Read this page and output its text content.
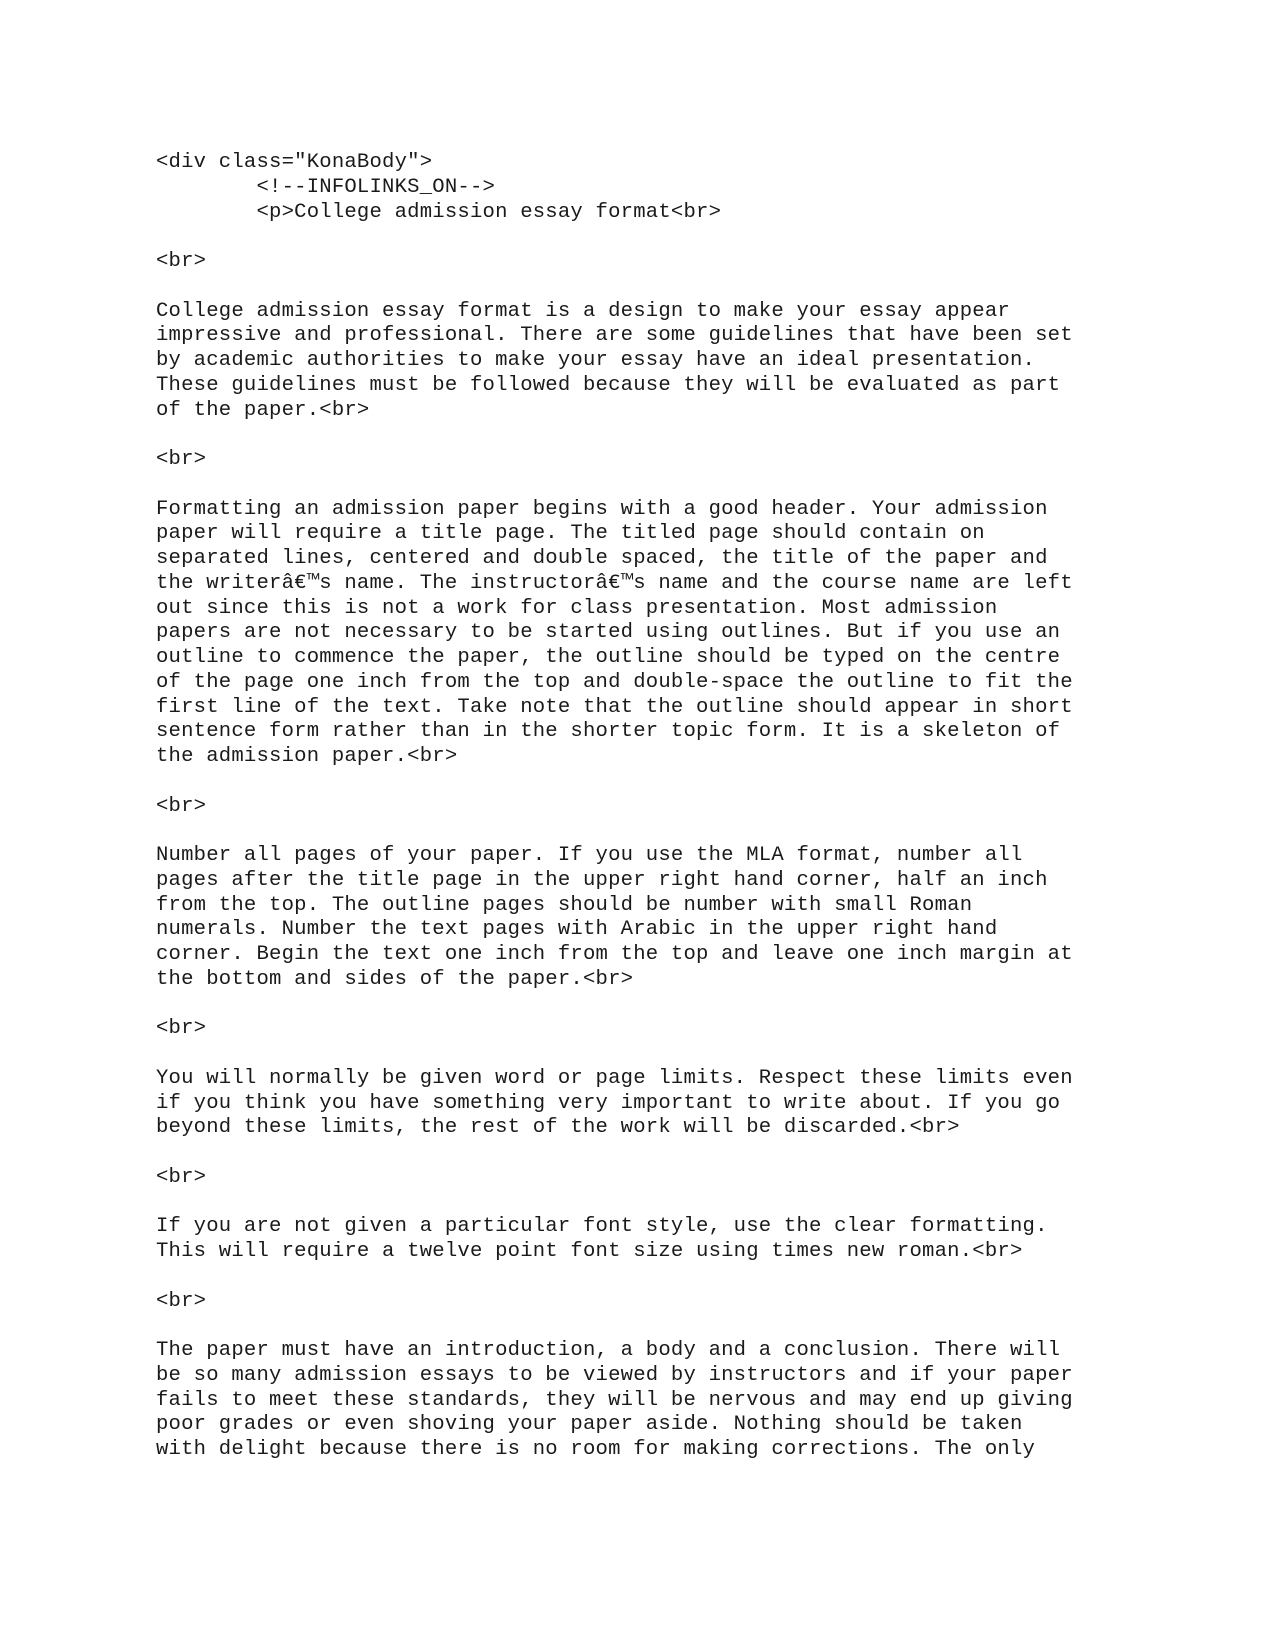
<div class="KonaBody">
<!--INFOLINKS_ON-->
<p>College admission essay format<br>
<br>
College admission essay format is a design to make your essay appear
impressive and professional. There are some guidelines that have been set
by academic authorities to make your essay have an ideal presentation.
These guidelines must be followed because they will be evaluated as part
of the paper.<br>
<br>
Formatting an admission paper begins with a good header. Your admission
paper will require a title page. The titled page should contain on
separated lines, centered and double spaced, the title of the paper and
the writerâ€™s name. The instructorâ€™s name and the course name are left
out since this is not a work for class presentation. Most admission
papers are not necessary to be started using outlines. But if you use an
outline to commence the paper, the outline should be typed on the centre
of the page one inch from the top and double-space the outline to fit the
first line of the text. Take note that the outline should appear in short
sentence form rather than in the shorter topic form. It is a skeleton of
the admission paper.<br>
<br>
Number all pages of your paper. If you use the MLA format, number all
pages after the title page in the upper right hand corner, half an inch
from the top. The outline pages should be number with small Roman
numerals. Number the text pages with Arabic in the upper right hand
corner. Begin the text one inch from the top and leave one inch margin at
the bottom and sides of the paper.<br>
<br>
You will normally be given word or page limits. Respect these limits even
if you think you have something very important to write about. If you go
beyond these limits, the rest of the work will be discarded.<br>
<br>
If you are not given a particular font style, use the clear formatting.
This will require a twelve point font size using times new roman.<br>
<br>
The paper must have an introduction, a body and a conclusion. There will
be so many admission essays to be viewed by instructors and if your paper
fails to meet these standards, they will be nervous and may end up giving
poor grades or even shoving your paper aside. Nothing should be taken
with delight because there is no room for making corrections. The only
